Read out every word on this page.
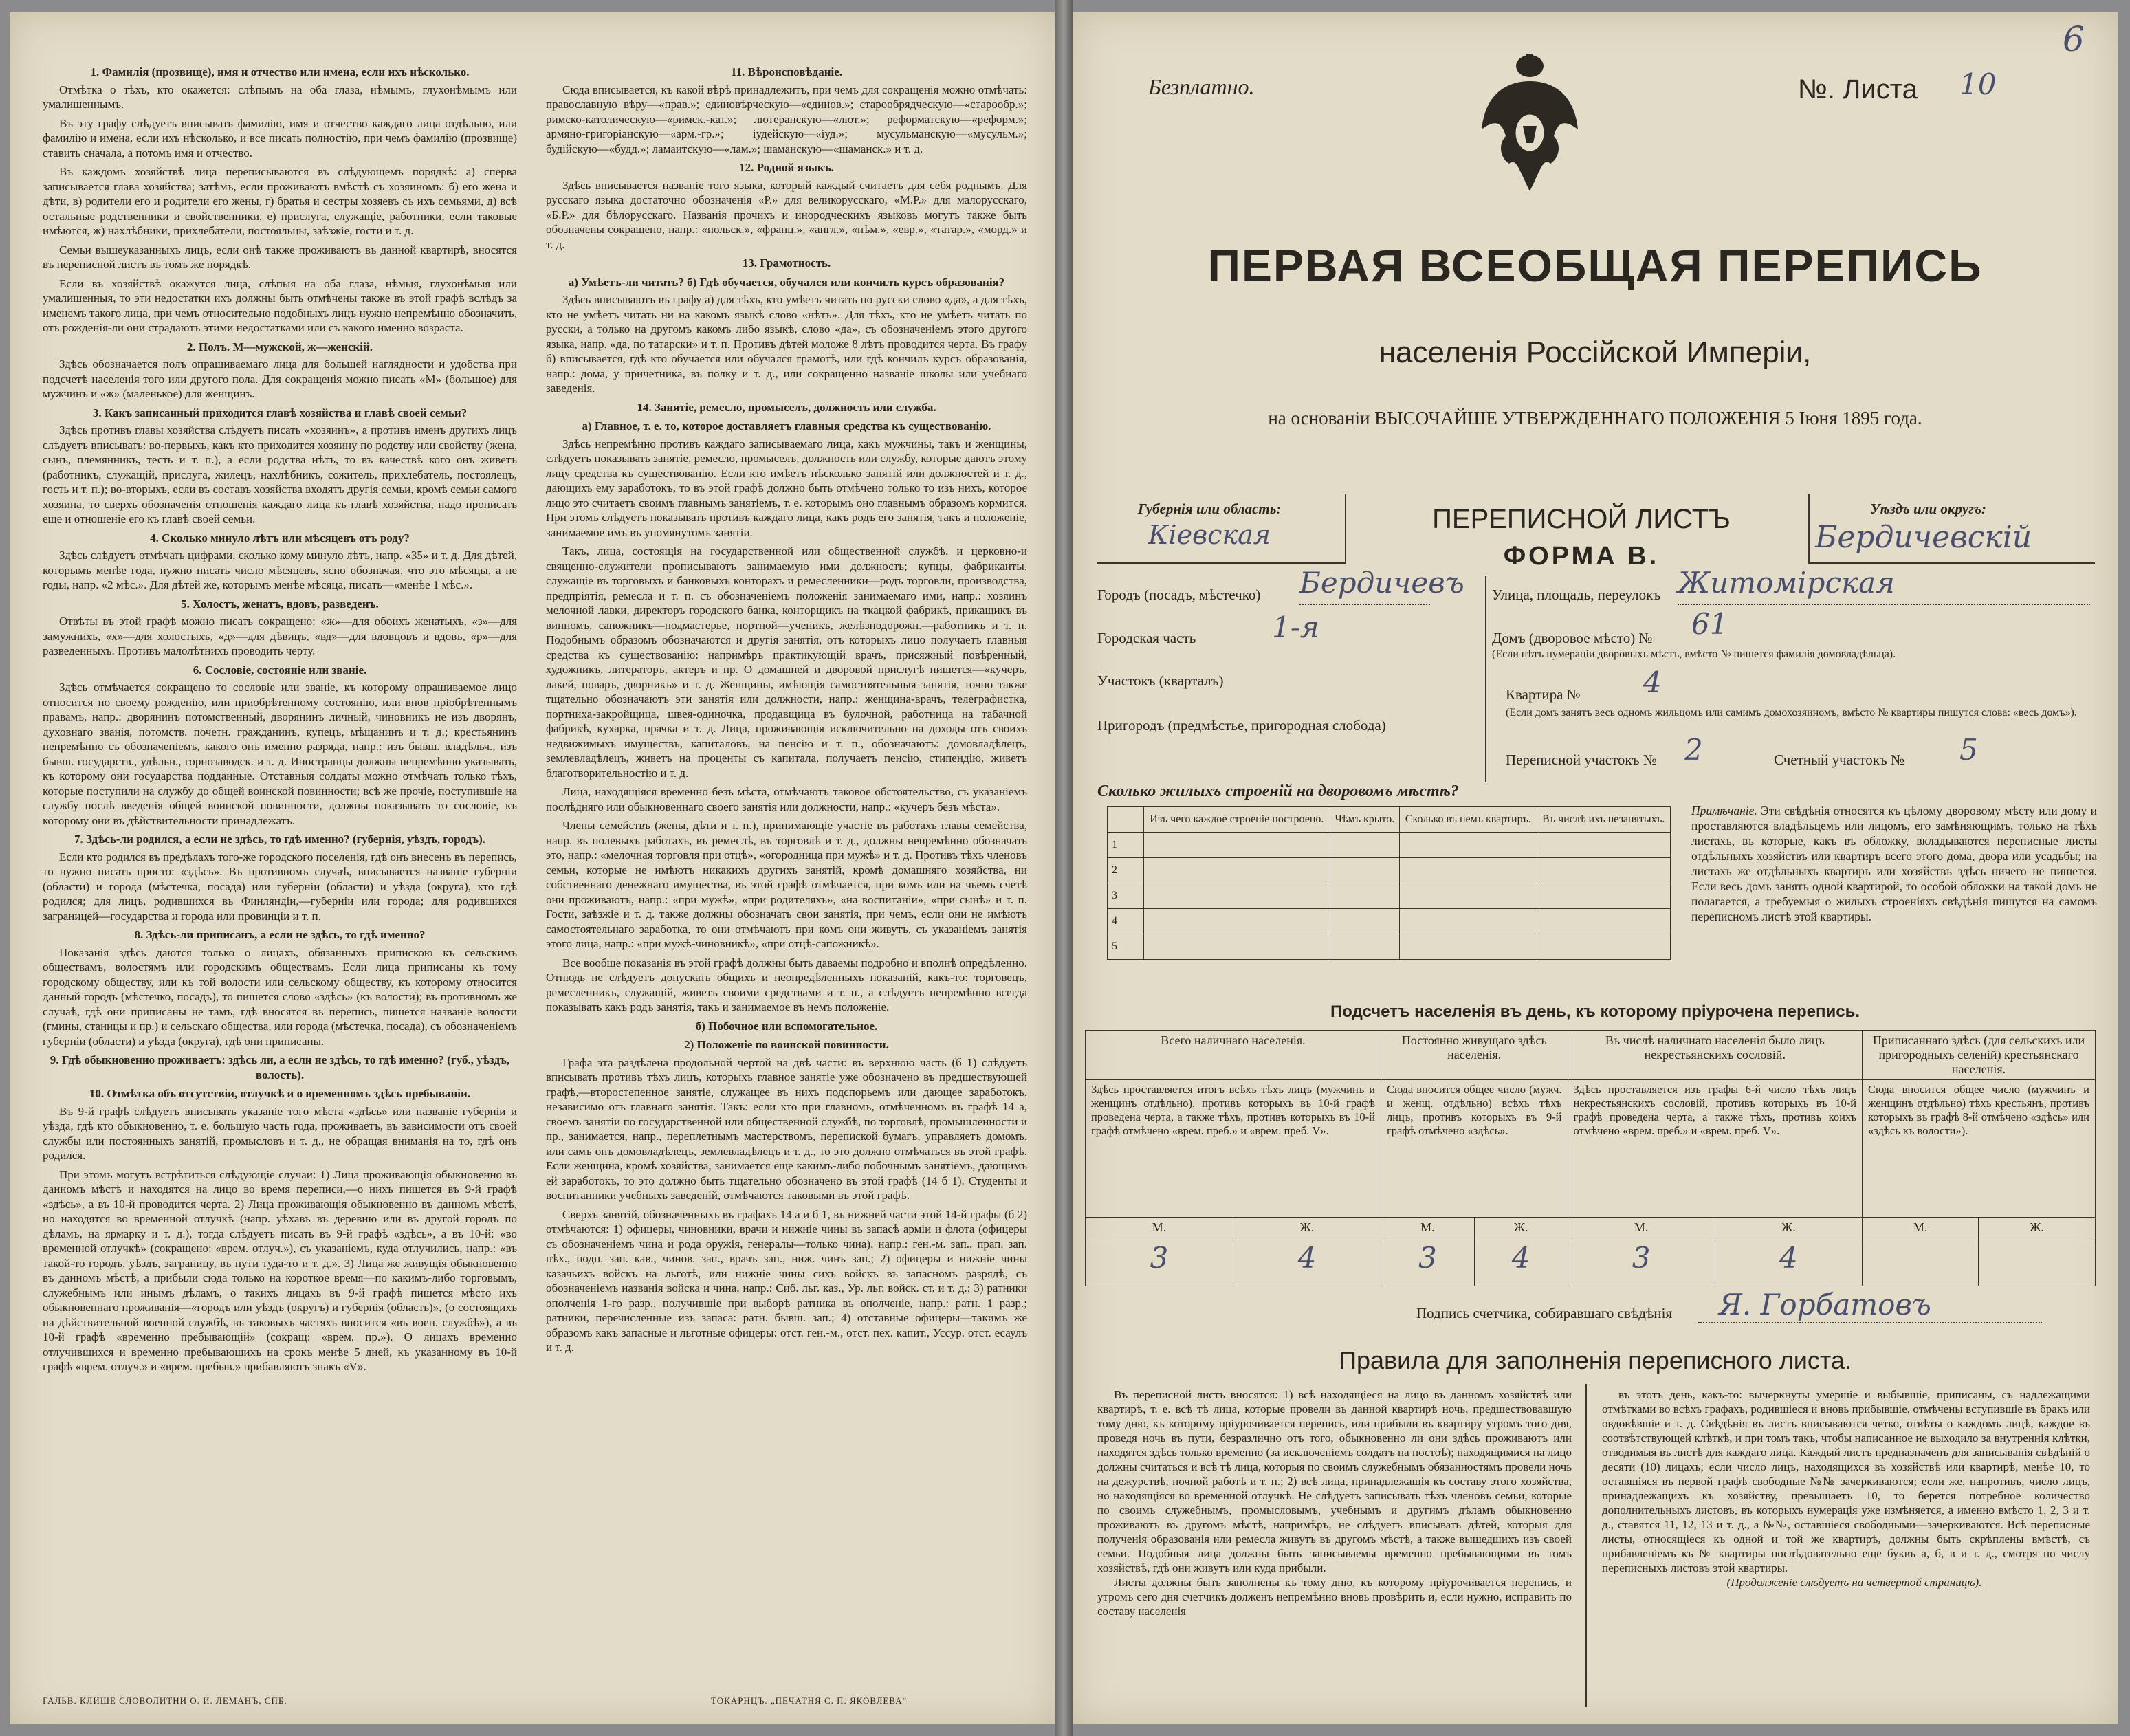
1. Фамилія (прозвище), имя и отчество или имена, если ихъ нѣсколько.

Отмѣтка о тѣхъ, кто окажется: слѣпымъ на оба глаза, нѣмымъ, глухонѣмымъ или умалишеннымъ.

Въ эту графу слѣдуетъ вписывать фамилію, имя и отчество каждаго лица отдѣльно, или фамилію и имена, если ихъ нѣсколько, и все писать полностію, при чемъ фамилію (прозвище) ставить сначала, а потомъ имя и отчество.

Въ каждомъ хозяйствѣ лица переписываются въ слѣдующемъ порядкѣ: а) сперва записывается глава хозяйства; затѣмъ, если проживаютъ вмѣстѣ съ хозяиномъ: б) его жена и дѣти, в) родители его и родители его жены, г) братья и сестры хозяевъ съ ихъ семьями, д) всѣ остальные родственники и свойственники, е) прислуга, служащіе, работники, если таковые имѣются, ж) нахлѣбники, прихлебатели, постояльцы, заѣзжіе, гости и т. д.

Семьи вышеуказанныхъ лицъ, если онѣ также проживаютъ въ данной квартирѣ, вносятся въ переписной листъ въ томъ же порядкѣ.

Если въ хозяйствѣ окажутся лица, слѣпыя на оба глаза, нѣмыя, глухонѣмыя или умалишенныя, то эти недостатки ихъ должны быть отмѣчены также въ этой графѣ вслѣдъ за именемъ такого лица, при чемъ относительно подобныхъ лицъ нужно непремѣнно обозначить, отъ рожденія-ли они страдаютъ этими недостатками или съ какого именно возраста.

2. Полъ. М—мужской, ж—женскій.

Здѣсь обозначается полъ опрашиваемаго лица для большей наглядности и удобства при подсчетѣ населенія того или другого пола. Для сокращенія можно писать «М» (большое) для мужчинъ и «ж» (маленькое) для женщинъ.

3. Какъ записанный приходится главѣ хозяйства и главѣ своей семьи?

Здѣсь противъ главы хозяйства слѣдуетъ писать «хозяинъ», а противъ именъ другихъ лицъ слѣдуетъ вписывать: во-первыхъ, какъ кто приходится хозяину по родству или свойству (жена, сынъ, племянникъ, тесть и т. п.), а если родства нѣтъ, то въ качествѣ кого онъ живетъ (работникъ, служащій, прислуга, жилецъ, нахлѣбникъ, сожитель, прихлебатель, постоялецъ, гость и т. п.); во-вторыхъ, если въ составъ хозяйства входятъ другія семьи, кромѣ семьи самого хозяина, то сверхъ обозначенія отношенія каждаго лица къ главѣ хозяйства, надо прописать еще и отношеніе его къ главѣ своей семьи.

4. Сколько минуло лѣтъ или мѣсяцевъ отъ роду?

Здѣсь слѣдуетъ отмѣчать цифрами, сколько кому минуло лѣтъ, напр. «35» и т. д. Для дѣтей, которымъ менѣе года, нужно писать число мѣсяцевъ, ясно обозначая, что это мѣсяцы, а не годы, напр. «2 мѣс.». Для дѣтей же, которымъ менѣе мѣсяца, писать—«менѣе 1 мѣс.».

5. Холостъ, женатъ, вдовъ, разведенъ.

Отвѣты въ этой графѣ можно писать сокращено: «ж»—для обоихъ женатыхъ, «з»—для замужнихъ, «х»—для холостыхъ, «д»—для дѣвицъ, «вд»—для вдовцовъ и вдовъ, «р»—для разведенныхъ. Противъ малолѣтнихъ проводить черту.

6. Сословіе, состояніе или званіе.

Здѣсь отмѣчается сокращено то сословіе или званіе, къ которому опрашиваемое лицо относится по своему рожденію, или приобрѣтенному состоянію, или внов пріобрѣтеннымъ правамъ, напр.: дворянинъ потомственный, дворянинъ личный, чиновникъ не изъ дворянъ, духовнаго званія, потомств. почетн. гражданинъ, купецъ, мѣщанинъ и т. д.; крестьянинъ непремѣнно съ обозначеніемъ, какого онъ именно разряда, напр.: изъ бывш. владѣльч., изъ бывш. государств., удѣльн., горнозаводск. и т. д. Иностранцы должны непремѣнно указывать, къ которому они государства подданные. Отставныя солдаты можно отмѣчать только тѣхъ, которые поступили на службу до общей воинской повинности; всѣ же прочіе, поступившіе на службу послѣ введенія общей воинской повинности, должны показывать то сословіе, къ которому они въ дѣйствительности принадлежатъ.

7. Здѣсь-ли родился, а если не здѣсь, то гдѣ именно? (губернія, уѣздъ, городъ).

Если кто родился въ предѣлахъ того-же городского поселенія, гдѣ онъ внесенъ въ перепись, то нужно писать просто: «здѣсь». Въ противномъ случаѣ, вписывается названіе губерніи (области) и города (мѣстечка, посада) или губерніи (области) и уѣзда (округа), кто гдѣ родился; для лицъ, родившихся въ Финляндіи,—губерніи или города; для родившихся заграницей—государства и города или провинціи и т. п.

8. Здѣсь-ли приписанъ, а если не здѣсь, то гдѣ именно?

Показанія здѣсь даются только о лицахъ, обязанныхъ припискою къ сельскимъ обществамъ, волостямъ или городскимъ обществамъ. Если лица приписаны къ тому городскому обществу, или къ той волости или сельскому обществу, къ которому относится данный городъ (мѣстечко, посадъ), то пишется слово «здѣсь» (къ волости); въ противномъ же случаѣ, гдѣ они приписаны не тамъ, гдѣ вносятся въ перепись, пишется названіе волости (гмины, станицы и пр.) и сельскаго общества, или города (мѣстечка, посада), съ обозначеніемъ губерніи (области) и уѣзда (округа), гдѣ они приписаны.

9. Гдѣ обыкновенно проживаетъ: здѣсь ли, а если не здѣсь, то гдѣ именно? (губ., уѣздъ, волость).
10. Отмѣтка объ отсутствіи, отлучкѣ и о временномъ здѣсь пребываніи.

Въ 9-й графѣ слѣдуетъ вписывать указаніе того мѣста «здѣсь» или названіе губерніи и уѣзда, гдѣ кто обыкновенно, т. е. большую часть года, проживаетъ, въ зависимости отъ своей службы или постоянныхъ занятій, промысловъ и т. д., не обращая вниманія на то, гдѣ онъ родился.

При этомъ могутъ встрѣтиться слѣдующіе случаи: 1) Лица проживающія обыкновенно въ данномъ мѣстѣ и находятся на лицо во время переписи,—о нихъ пишется въ 9-й графѣ «здѣсь», а въ 10-й проводится черта. 2) Лица проживающія обыкновенно въ данномъ мѣстѣ, но находятся во временной отлучкѣ (напр. уѣхавъ въ деревню или въ другой городъ по дѣламъ, на ярмарку и т. д.), тогда слѣдуетъ писать въ 9-й графѣ «здѣсь», а въ 10-й: «во временной отлучкѣ» (сокращено: «врем. отлуч.»), съ указаніемъ, куда отлучились, напр.: «въ такой-то городъ, уѣздъ, заграницу, въ пути туда-то и т. д.». 3) Лица же живущія обыкновенно въ данномъ мѣстѣ, а прибыли сюда только на короткое время—по какимъ-либо торговымъ, служебнымъ или инымъ дѣламъ, о такихъ лицахъ въ 9-й графѣ пишется мѣсто ихъ обыкновеннаго проживанія—«городъ или уѣздъ (округъ) и губернія (область)», (о состоящихъ на дѣйствительной военной службѣ, въ таковыхъ частяхъ вносится «въ воен. службѣ»), а въ 10-й графѣ «временно пребывающій» (сокращ: «врем. пр.»). О лицахъ временно отлучившихся и временно пребывающихъ на срокъ менѣе 5 дней, къ указанному въ 10-й графѣ «врем. отлуч.» и «врем. пребыв.» прибавляютъ знакъ «V».

11. Вѣроисповѣданіе.

Сюда вписывается, къ какой вѣрѣ принадлежитъ, при чемъ для сокращенія можно отмѣчать: православную вѣру—«прав.»; единовѣрческую—«единов.»; старообрядческую—«старообр.»; римско-католическую—«римск.-кат.»; лютеранскую—«лют.»; реформатскую—«реформ.»; армяно-григоріанскую—«арм.-гр.»; іудейскую—«іуд.»; мусульманскую—«мусульм.»; будійскую—«будд.»; ламаитскую—«лам.»; шаманскую—«шаманск.» и т. д.

12. Родной языкъ.

Здѣсь вписывается названіе того языка, который каждый считаетъ для себя роднымъ. Для русскаго языка достаточно обозначенія «Р.» для великорусскаго, «М.Р.» для малорусскаго, «Б.Р.» для бѣлорусскаго. Названія прочихъ и инородческихъ языковъ могутъ также быть обозначены сокращено, напр.: «польск.», «франц.», «англ.», «нѣм.», «евр.», «татар.», «морд.» и т. д.

13. Грамотность.
а) Умѣетъ-ли читать? б) Гдѣ обучается, обучался или кончилъ курсъ образованія?

Здѣсь вписываютъ въ графу а) для тѣхъ, кто умѣетъ читать по русски слово «да», а для тѣхъ, кто не умѣетъ читать ни на какомъ языкѣ слово «нѣтъ». Для тѣхъ, кто не умѣетъ читать по русски, а только на другомъ какомъ либо языкѣ, слово «да», съ обозначеніемъ этого другого языка, напр. «да, по татарски» и т. п. Противъ дѣтей моложе 8 лѣтъ проводится черта. Въ графу б) вписывается, гдѣ кто обучается или обучался грамотѣ, или гдѣ кончилъ курсъ образованія, напр.: дома, у причетника, въ полку и т. д., или сокращенно названіе школы или учебнаго заведенія.

14. Занятіе, ремесло, промыселъ, должность или служба.
а) Главное, т. е. то, которое доставляетъ главныя средства къ существованію.

Здѣсь непремѣнно противъ каждаго записываемаго лица, какъ мужчины, такъ и женщины, слѣдуетъ показывать занятіе, ремесло, промыселъ, должность или службу, которые даютъ этому лицу средства къ существованію. Если кто имѣетъ нѣсколько занятій или должностей и т. д., дающихъ ему заработокъ, то въ этой графѣ должно быть отмѣчено только то изъ нихъ, которое лицо это считаетъ своимъ главнымъ занятіемъ, т. е. которымъ оно главнымъ образомъ кормится. При этомъ слѣдуетъ показывать противъ каждаго лица, какъ родъ его занятія, такъ и положеніе, занимаемое имъ въ упомянутомъ занятіи.

Такъ, лица, состоящія на государственной или общественной службѣ, и церковно-и священно-служители прописываютъ занимаемую ими должность; купцы, фабриканты, служащіе въ торговыхъ и банковыхъ конторахъ и ремесленники—родъ торговли, производства, предпріятія, ремесла и т. п. съ обозначеніемъ положенія занимаемаго ими, напр.: хозяинъ мелочной лавки, директоръ городского банка, конторщикъ на ткацкой фабрикѣ, прикащикъ въ винномъ, сапожникъ—подмастерье, портной—ученикъ, желѣзнодорожн.—работникъ и т. п. Подобнымъ образомъ обозначаются и другія занятія, отъ которыхъ лицо получаетъ главныя средства къ существованію: напримѣръ практикующій врачъ, присяжный повѣренный, художникъ, литераторъ, актеръ и пр. О домашней и дворовой прислугѣ пишется—«кучеръ, лакей, поваръ, дворникъ» и т. д. Женщины, имѣющія самостоятельныя занятія, точно также тщательно обозначаютъ эти занятія или должности, напр.: женщина-врачъ, телеграфистка, портниха-закройщица, швея-одиночка, продавщица въ булочной, работница на табачной фабрикѣ, кухарка, прачка и т. д. Лица, проживающія исключительно на доходы отъ своихъ недвижимыхъ имуществъ, капиталовъ, на пенсію и т. п., обозначаютъ: домовладѣлецъ, землевладѣлецъ, живетъ на проценты съ капитала, получаетъ пенсію, стипендію, живетъ благотворительностію и т. д.

Лица, находящіяся временно безъ мѣста, отмѣчаютъ таковое обстоятельство, съ указаніемъ послѣдняго или обыкновеннаго своего занятія или должности, напр.: «кучеръ безъ мѣста».

Члены семействъ (жены, дѣти и т. п.), принимающіе участіе въ работахъ главы семейства, напр. въ полевыхъ работахъ, въ ремеслѣ, въ торговлѣ и т. д., должны непремѣнно обозначать это, напр.: «мелочная торговля при отцѣ», «огородница при мужѣ» и т. д. Противъ тѣхъ членовъ семьи, которые не имѣютъ никакихъ другихъ занятій, кромѣ домашняго хозяйства, ни собственнаго денежнаго имущества, въ этой графѣ отмѣчается, при комъ или на чьемъ счетѣ они проживаютъ, напр.: «при мужѣ», «при родителяхъ», «на воспитаніи», «при сынѣ» и т. п. Гости, заѣзжіе и т. д. также должны обозначать свои занятія, при чемъ, если они не имѣютъ самостоятельнаго заработка, то они отмѣчаютъ при комъ они живутъ, съ указаніемъ занятія этого лица, напр.: «при мужѣ-чиновникѣ», «при отцѣ-сапожникѣ».

Все вообще показанія въ этой графѣ должны быть даваемы подробно и вполнѣ опредѣленно. Отнюдь не слѣдуетъ допускать общихъ и неопредѣленныхъ показаній, какъ-то: торговецъ, ремесленникъ, служащій, живетъ своими средствами и т. п., а слѣдуетъ непремѣнно всегда показывать какъ родъ занятія, такъ и занимаемое въ немъ положеніе.

б) Побочное или вспомогательное.
2) Положеніе по воинской повинности.

Графа эта раздѣлена продольной чертой на двѣ части: въ верхнюю часть (б 1) слѣдуетъ вписывать противъ тѣхъ лицъ, которыхъ главное занятіе уже обозначено въ предшествующей графѣ,—второстепенное занятіе, служащее въ нихъ подспорьемъ или дающее заработокъ, независимо отъ главнаго занятія. Такъ: если кто при главномъ, отмѣченномъ въ графѣ 14 а, своемъ занятіи по государственной или общественной службѣ, по торговлѣ, промышленности и пр., занимается, напр., переплетнымъ мастерствомъ, перепиской бумагъ, управляетъ домомъ, или самъ онъ домовладѣлецъ, землевладѣлецъ и т. д., то это должно отмѣчаться въ этой графѣ. Если женщина, кромѣ хозяйства, занимается еще какимъ-либо побочнымъ занятіемъ, дающимъ ей заработокъ, то это должно быть тщательно обозначено въ этой графѣ (14 б 1). Студенты и воспитанники учебныхъ заведеній, отмѣчаются таковыми въ этой графѣ.

Сверхъ занятій, обозначенныхъ въ графахъ 14 а и б 1, въ нижней части этой 14-й графы (б 2) отмѣчаются: 1) офицеры, чиновники, врачи и нижніе чины въ запасѣ арміи и флота (офицеры съ обозначеніемъ чина и рода оружія, генералы—только чина), напр.: ген.-м. зап., прап. зап. пѣх., подп. зап. кав., чинов. зап., врачъ зап., ниж. чинъ зап.; 2) офицеры и нижніе чины казачьихъ войскъ на льготѣ, или нижніе чины сихъ войскъ въ запасномъ разрядѣ, съ обозначеніемъ названія войска и чина, напр.: Сиб. льг. каз., Ур. льг. войск. ст. и т. д.; 3) ратники ополченія 1-го разр., получившіе при выборѣ ратника въ ополченіе, напр.: ратн. 1 разр.; ратники, перечисленные изъ запаса: ратн. бывш. зап.; 4) отставные офицеры—такимъ же образомъ какъ запасные и льготные офицеры: отст. ген.-м., отст. пех. капит., Уссур. отст. есаулъ и т. д.

ГАЛЬВ. КЛИШЕ СЛОВОЛИТНИ О. И. ЛЕМАНЪ, СПБ.	ТОКАРНЦЪ. „ПЕЧАТНЯ С. П. ЯКОВЛЕВА“
Безплатно.	№. Листа 10
6
ПЕРВАЯ ВСЕОБЩАЯ ПЕРЕПИСЬ
населенія Россійской Имперіи,
на основаніи ВЫСОЧАЙШЕ УТВЕРЖДЕННАГО ПОЛОЖЕНІЯ 5 Іюня 1895 года.
ПЕРЕПИСНОЙ ЛИСТЪ
ФОРМА В.
Губернія или область:
Кіевская
Уѣздъ или округъ:
Бердичевскій
Городъ (посадъ, мѣстечко) Бердичевъ Улица, площадь, переулокъ Житомірская
Городская часть	1-я	Домъ (дворовое мѣсто) № 61
(Если нѣтъ нумераціи дворовыхъ мѣстъ, вмѣсто № пишется фамилія домовладѣльца).
Участокъ (кварталъ)
Квартира № 4
(Если домъ занятъ весь одномъ жильцомъ или самимъ домохозяиномъ, вмѣсто № квартиры пишутся слова: «весь домъ»).
Пригородъ (предмѣстье, пригородная слобода)
Переписной участокъ № 2	Счетный участокъ № 5
Сколько жилыхъ строеній на дворовомъ мѣстѣ?
	Изъ чего каждое строеніе построено.	Чѣмъ крыто.	Сколько въ немъ квартиръ.	Въ числѣ ихъ незанятыхъ.
1				
2				
3				
4				
5				
Примѣчаніе. Эти свѣдѣнія относятся къ цѣлому дворовому мѣсту или дому и проставляются владѣльцемъ или лицомъ, его замѣняющимъ, только на тѣхъ листахъ, въ которые, какъ въ обложку, вкладываются переписные листы отдѣльныхъ хозяйствъ или квартиръ всего этого дома, двора или усадьбы; на листахъ же отдѣльныхъ квартиръ или хозяйствъ здѣсь ничего не пишется. Если весь домъ занятъ одной квартирой, то особой обложки на такой домъ не полагается, а требуемыя о жилыхъ строеніяхъ свѣдѣнія пишутся на самомъ переписномъ листѣ этой квартиры.
Подсчетъ населенія въ день, къ которому пріурочена перепись.
Всего наличнаго населенія.		Постоянно живущаго здѣсь населенія.		Въ числѣ наличнаго населенія было лицъ некрестьянскихъ сословій.		Приписаннаго здѣсь (для сельскихъ или пригородныхъ селеній) крестьянскаго населенія.	
Здѣсь проставляется итогъ всѣхъ тѣхъ лицъ (мужчинъ и женщинъ отдѣльно), противъ которыхъ въ 10-й графѣ проведена черта, а также тѣхъ, противъ которыхъ въ 10-й графѣ отмѣчено «врем. преб.» и «врем. преб. V».		Сюда вносится общее число (мужч. и женщ. отдѣльно) всѣхъ тѣхъ лицъ, противъ которыхъ въ 9-й графѣ отмѣчено «здѣсь».		Здѣсь проставляется изъ графы 6-й число тѣхъ лицъ некрестьянскихъ сословій, противъ которыхъ въ 10-й графѣ проведена черта, а также тѣхъ, противъ коихъ отмѣчено «врем. преб.» и «врем. преб. V».		Сюда вносится общее число (мужчинъ и женщинъ отдѣльно) тѣхъ крестьянъ, противъ которыхъ въ графѣ 8-й отмѣчено «здѣсь» или «здѣсь къ волости»).	
М.	Ж.	М.	Ж.	М.	Ж.	М.	Ж.
3	4	3	4	3	4		
Подпись счетчика, собиравшаго свѣдѣнія Я. Горбатовъ
Правила для заполненія переписного листа.

Въ переписной листъ вносятся: 1) всѣ находящіеся на лицо въ данномъ хозяйствѣ или квартирѣ, т. е. всѣ тѣ лица, которые провели въ данной квартирѣ ночь, предшествовавшую тому дню, къ которому пріурочивается перепись, или прибыли въ квартиру утромъ того дня, проведя ночь въ пути, безразлично отъ того, обыкновенно ли они здѣсь проживаютъ или находятся здѣсь только временно (за исключеніемъ солдатъ на постоѣ); находящимися на лицо должны считаться и всѣ тѣ лица, которыя по своимъ служебнымъ обязанностямъ провели ночь на дежурствѣ, ночной работѣ и т. п.; 2) всѣ лица, принадлежащія къ составу этого хозяйства, но находящіяся во временной отлучкѣ. Не слѣдуетъ записывать тѣхъ членовъ семьи, которые по своимъ служебнымъ, промысловымъ, учебнымъ и другимъ дѣламъ обыкновенно проживаютъ въ другомъ мѣстѣ, напримѣръ, не слѣдуетъ вписывать дѣтей, которыя для полученія образованія или ремесла живутъ въ другомъ мѣстѣ, а также вышедшихъ изъ своей семьи. Подобныя лица должны быть записываемы временно пребывающими въ томъ хозяйствѣ, гдѣ они живутъ или куда прибыли.

Листы должны быть заполнены къ тому дню, къ которому пріурочивается перепись, и утромъ сего дня счетчикъ долженъ непремѣнно вновь провѣрить и, если нужно, исправить по составу населенія

въ этотъ день, какъ-то: вычеркнуты умершіе и выбывшіе, приписаны, съ надлежащими отмѣтками во всѣхъ графахъ, родившіеся и вновь прибывшіе, отмѣчены вступившіе въ бракъ или овдовѣвшіе и т. д. Свѣдѣнія въ листъ вписываются четко, отвѣты о каждомъ лицѣ, каждое въ соотвѣтствующей клѣткѣ, и при томъ такъ, чтобы написанное не выходило за внутреннія клѣтки, отводимыя въ листѣ для каждаго лица. Каждый листъ предназначенъ для записыванія свѣдѣній о десяти (10) лицахъ; если число лицъ, находящихся въ хозяйствѣ или квартирѣ, менѣе 10, то оставшіяся въ первой графѣ свободные №№ зачеркиваются; если же, напротивъ, число лицъ, принадлежащихъ къ хозяйству, превышаетъ 10, то берется потребное количество дополнительныхъ листовъ, въ которыхъ нумерація уже измѣняется, а именно вмѣсто 1, 2, 3 и т. д., ставятся 11, 12, 13 и т. д., а №№, оставшіеся свободными—зачеркиваются. Всѣ переписные листы, относящіеся къ одной и той же квартирѣ, должны быть скрѣплены вмѣстѣ, съ прибавленіемъ къ № квартиры послѣдовательно еще буквъ а, б, в и т. д., смотря по числу переписныхъ листовъ этой квартиры.

(Продолженіе слѣдуетъ на четвертой страницѣ).
